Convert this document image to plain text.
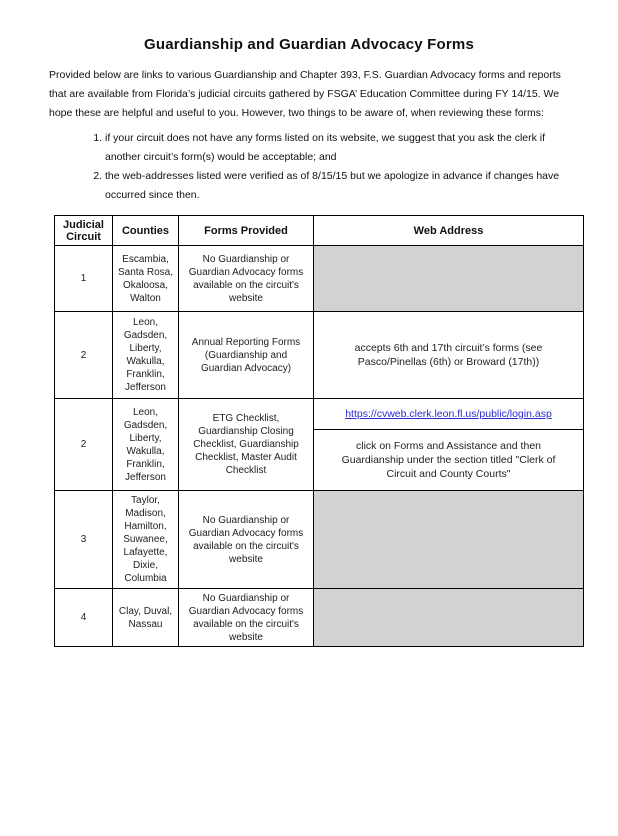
Guardianship and Guardian Advocacy Forms

Provided below are links to various Guardianship and Chapter 393, F.S. Guardian Advocacy forms and reports that are available from Florida’s judicial circuits gathered by FSGA’ Education Committee during FY 14/15. We hope these are helpful and useful to you. However, two things to be aware of, when reviewing these forms:

1. if your circuit does not have any forms listed on its website, we suggest that you ask the clerk if another circuit’s form(s) would be acceptable; and
2. the web-addresses listed were verified as of 8/15/15 but we apologize in advance if changes have occurred since then.
Judicial Circuit	Counties	Forms Provided	Web Address
1	Escambia, Santa Rosa, Okaloosa, Walton	No Guardianship or Guardian Advocacy forms available on the circuit's website	
2	Leon, Gadsden, Liberty, Wakulla, Franklin, Jefferson	Annual Reporting Forms (Guardianship and Guardian Advocacy)	accepts 6th and 17th circuit’s forms (see Pasco/Pinellas (6th) or Broward (17th))
2	Leon, Gadsden, Liberty, Wakulla, Franklin, Jefferson	ETG Checklist, Guardianship Closing Checklist, Guardianship Checklist, Master Audit Checklist	https://cvweb.clerk.leon.fl.us/public/login.asp
click on Forms and Assistance and then Guardianship under the section titled "Clerk of Circuit and County Courts"

3	Taylor, Madison, Hamilton, Suwanee, Lafayette, Dixie, Columbia	No Guardianship or Guardian Advocacy forms available on the circuit's website	
4	Clay, Duval, Nassau	No Guardianship or Guardian Advocacy forms available on the circuit's website	
